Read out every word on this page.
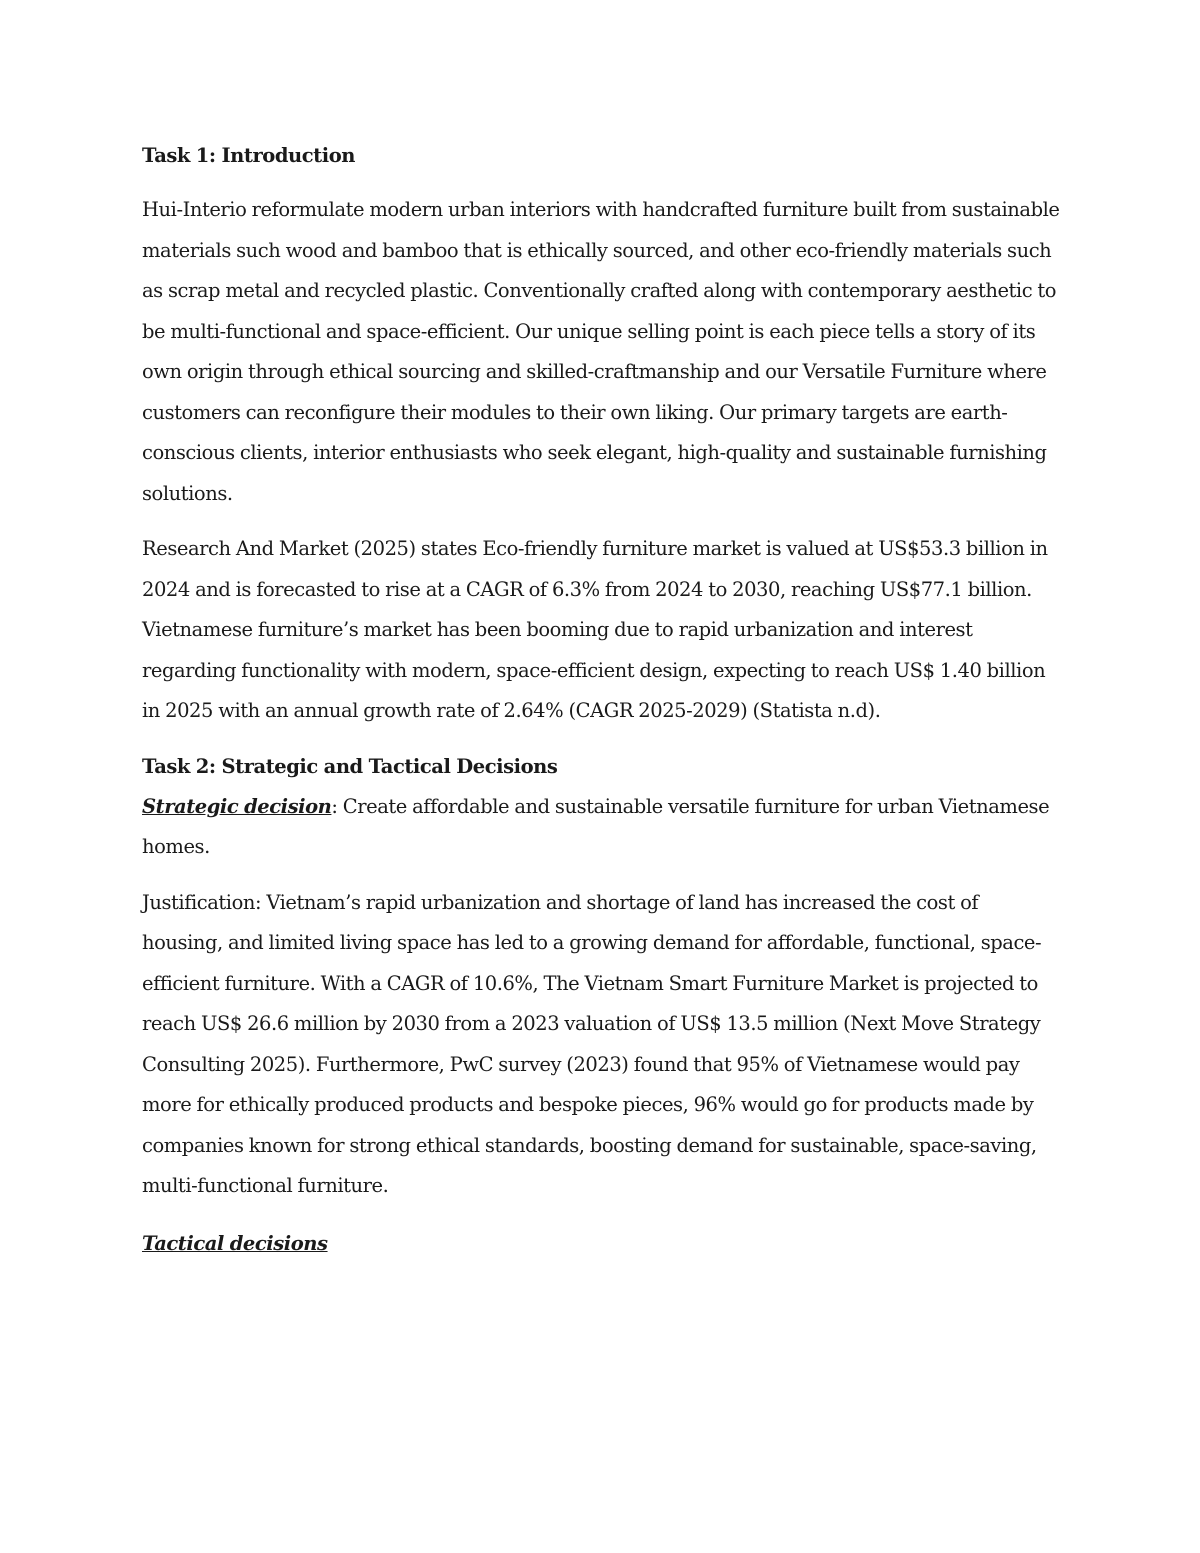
Task 1: Introduction

Hui-Interio reformulate modern urban interiors with handcrafted furniture built from sustainable materials such wood and bamboo that is ethically sourced, and other eco-friendly materials such as scrap metal and recycled plastic. Conventionally crafted along with contemporary aesthetic to be multi-functional and space-efficient. Our unique selling point is each piece tells a story of its own origin through ethical sourcing and skilled-craftmanship and our Versatile Furniture where customers can reconfigure their modules to their own liking. Our primary targets are earth-conscious clients, interior enthusiasts who seek elegant, high-quality and sustainable furnishing solutions.

Research And Market (2025) states Eco-friendly furniture market is valued at US$53.3 billion in 2024 and is forecasted to rise at a CAGR of 6.3% from 2024 to 2030, reaching US$77.1 billion. Vietnamese furniture’s market has been booming due to rapid urbanization and interest regarding functionality with modern, space-efficient design, expecting to reach US$ 1.40 billion in 2025 with an annual growth rate of 2.64% (CAGR 2025-2029) (Statista n.d).

Task 2: Strategic and Tactical Decisions

Strategic decision: Create affordable and sustainable versatile furniture for urban Vietnamese homes.

Justification: Vietnam’s rapid urbanization and shortage of land has increased the cost of housing, and limited living space has led to a growing demand for affordable, functional, space-efficient furniture. With a CAGR of 10.6%, The Vietnam Smart Furniture Market is projected to reach US$ 26.6 million by 2030 from a 2023 valuation of US$ 13.5 million (Next Move Strategy Consulting 2025). Furthermore, PwC survey (2023) found that 95% of Vietnamese would pay more for ethically produced products and bespoke pieces, 96% would go for products made by companies known for strong ethical standards, boosting demand for sustainable, space-saving, multi-functional furniture.

Tactical decisions
